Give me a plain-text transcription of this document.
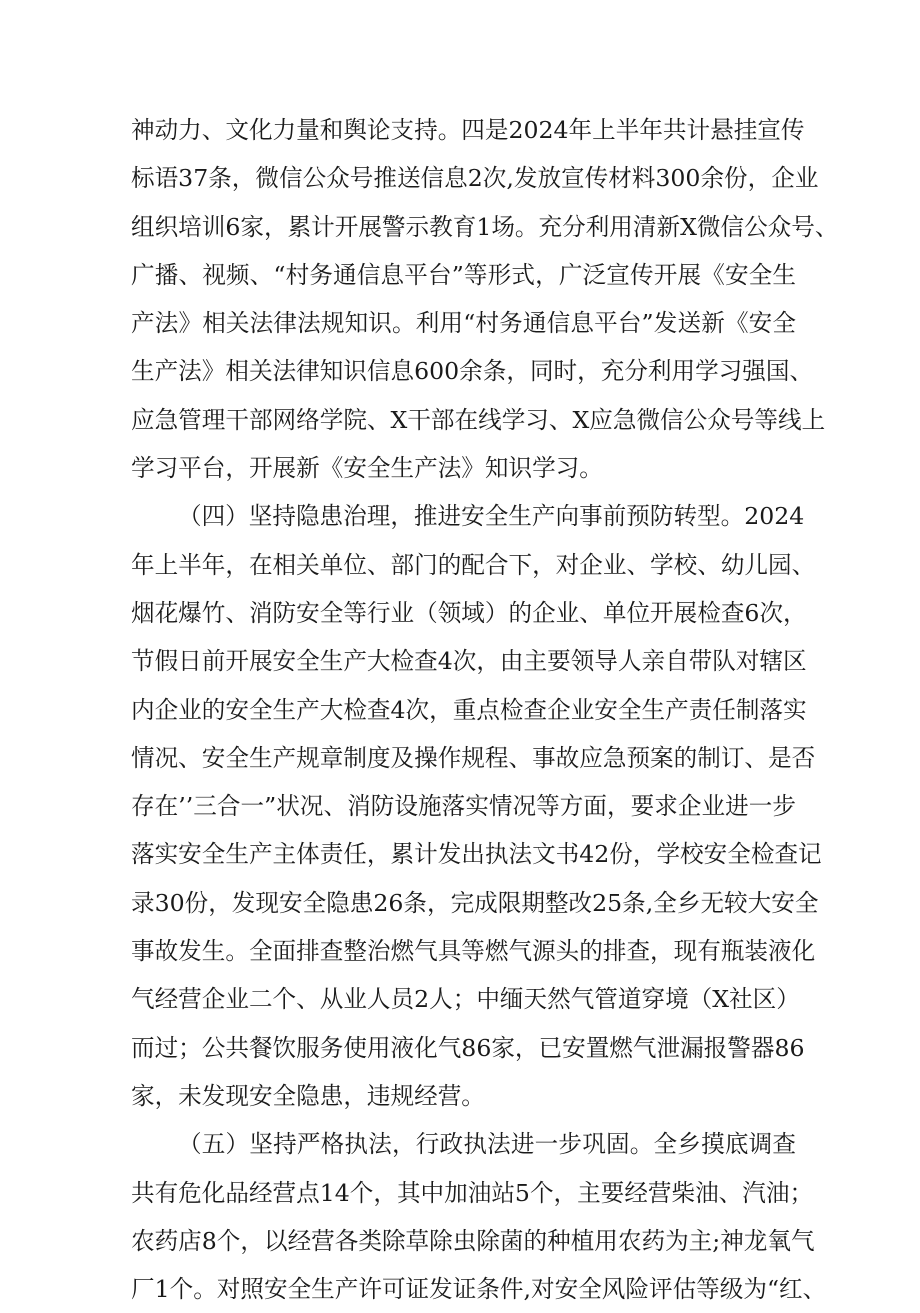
神动力、文化力量和舆论支持。四是2024年上半年共计悬挂宣传
标语37条，微信公众号推送信息2次,发放宣传材料300余份，企业
组织培训6家，累计开展警示教育1场。充分利用清新X微信公众号、
广播、视频、“村务通信息平台”等形式，广泛宣传开展《安全生
产法》相关法律法规知识。利用“村务通信息平台”发送新《安全
生产法》相关法律知识信息600余条，同时，充分利用学习强国、
应急管理干部网络学院、X干部在线学习、X应急微信公众号等线上
学习平台，开展新《安全生产法》知识学习。
（四）坚持隐患治理，推进安全生产向事前预防转型。2024
年上半年，在相关单位、部门的配合下，对企业、学校、幼儿园、
烟花爆竹、消防安全等行业（领域）的企业、单位开展检查6次，
节假日前开展安全生产大检查4次，由主要领导人亲自带队对辖区
内企业的安全生产大检查4次，重点检查企业安全生产责任制落实
情况、安全生产规章制度及操作规程、事故应急预案的制订、是否
存在’’三合一”状况、消防设施落实情况等方面，要求企业进一步
落实安全生产主体责任，累计发出执法文书42份，学校安全检查记
录30份，发现安全隐患26条，完成限期整改25条,全乡无较大安全
事故发生。全面排查整治燃气具等燃气源头的排查，现有瓶装液化
气经营企业二个、从业人员2人；中缅天然气管道穿境（X社区）
而过；公共餐饮服务使用液化气86家，已安置燃气泄漏报警器86
家，未发现安全隐患，违规经营。
（五）坚持严格执法，行政执法进一步巩固。全乡摸底调查
共有危化品经营点14个，其中加油站5个，主要经营柴油、汽油；
农药店8个，以经营各类除草除虫除菌的种植用农药为主;神龙氧气
厂1个。对照安全生产许可证发证条件,对安全风险评估等级为“红、
